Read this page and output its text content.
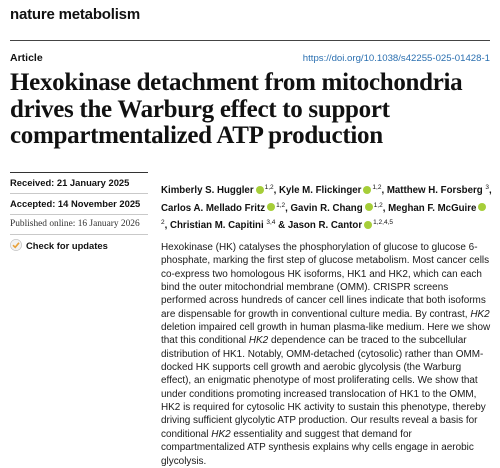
nature metabolism
Article	https://doi.org/10.1038/s42255-025-01428-1
Hexokinase detachment from mitochondria drives the Warburg effect to support compartmentalized ATP production
Received: 21 January 2025
Accepted: 14 November 2025
Published online: 16 January 2026
Check for updates
Kimberly S. Huggler $^{1,2}$, Kyle M. Flickinger $^{1,2}$, Matthew H. Forsberg $^3$, Carlos A. Mellado Fritz $^{1,2}$, Gavin R. Chang $^{1,2}$, Meghan F. McGuire$^2$, Christian M. Capitini $^{3,4}$ & Jason R. Cantor $^{1,2,4,5}$

Hexokinase (HK) catalyses the phosphorylation of glucose to glucose 6-phosphate, marking the first step of glucose metabolism. Most cancer cells co-express two homologous HK isoforms, HK1 and HK2, which can each bind the outer mitochondrial membrane (OMM). CRISPR screens performed across hundreds of cancer cell lines indicate that both isoforms are dispensable for growth in conventional culture media. By contrast, HK2 deletion impaired cell growth in human plasma-like medium. Here we show that this conditional HK2 dependence can be traced to the subcellular distribution of HK1. Notably, OMM-detached (cytosolic) rather than OMM-docked HK supports cell growth and aerobic glycolysis (the Warburg effect), an enigmatic phenotype of most proliferating cells. We show that under conditions promoting increased translocation of HK1 to the OMM, HK2 is required for cytosolic HK activity to sustain this phenotype, thereby driving sufficient glycolytic ATP production. Our results reveal a basis for conditional HK2 essentiality and suggest that demand for compartmentalized ATP synthesis explains why cells engage in aerobic glycolysis.
